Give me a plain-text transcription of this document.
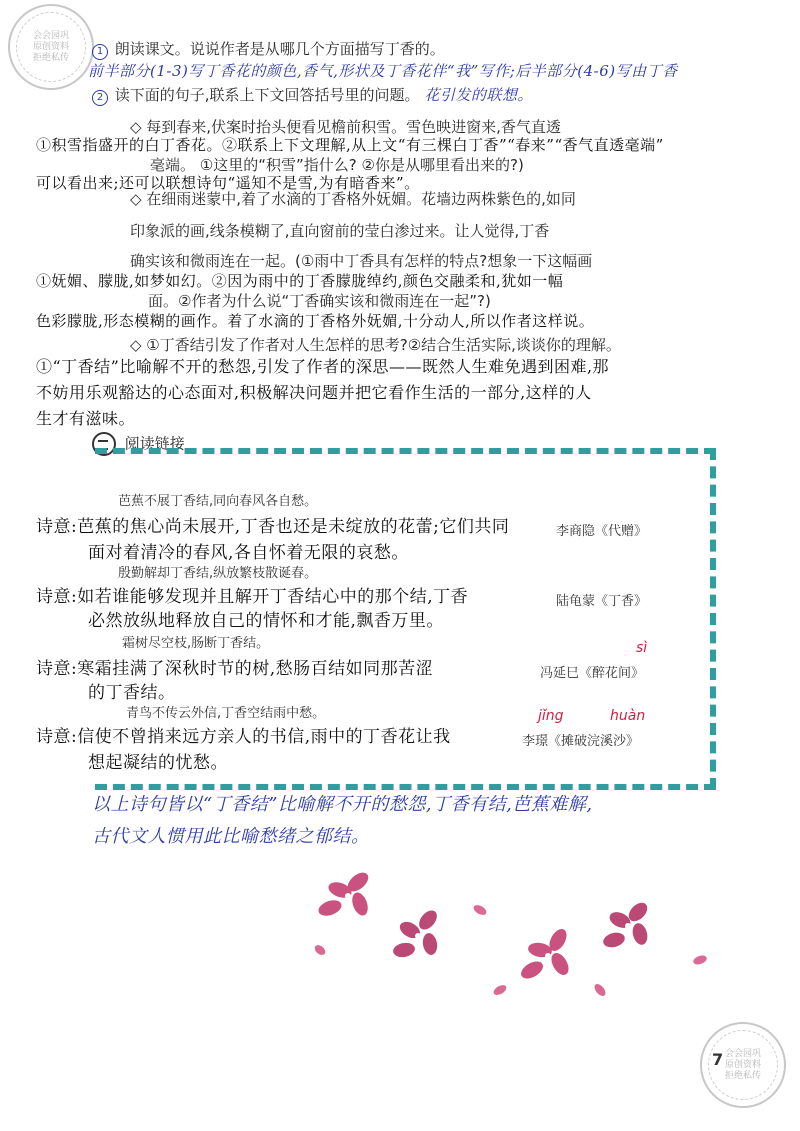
会会园巩
原创资料
拒绝私传
1 朗读课文。说说作者是从哪几个方面描写丁香的。
前半部分(1-3)写丁香花的颜色,香气,形状及丁香花伴“我”写作;后半部分(4-6)写由丁香
2 读下面的句子,联系上下文回答括号里的问题。 花引发的联想。
◇ 每到春来,伏案时抬头便看见檐前积雪。雪色映进窗来,香气直透
①积雪指盛开的白丁香花。②联系上下文理解,从上文“有三棵白丁香”“春来”“香气直透毫端”
毫端。 ①这里的“积雪”指什么? ②你是从哪里看出来的?)
可以看出来;还可以联想诗句“遥知不是雪,为有暗香来”。
◇ 在细雨迷蒙中,着了水滴的丁香格外妩媚。花墙边两株紫色的,如同
印象派的画,线条模糊了,直向窗前的莹白渗过来。让人觉得,丁香
确实该和微雨连在一起。(①雨中丁香具有怎样的特点?想象一下这幅画
①妩媚、朦胧,如梦如幻。②因为雨中的丁香朦胧绰约,颜色交融柔和,犹如一幅
面。②作者为什么说“丁香确实该和微雨连在一起”?)
色彩朦胧,形态模糊的画作。着了水滴的丁香格外妩媚,十分动人,所以作者这样说。
◇ ①丁香结引发了作者对人生怎样的思考?②结合生活实际,谈谈你的理解。
①“丁香结”比喻解不开的愁怨,引发了作者的深思——既然人生难免遇到困难,那
不妨用乐观豁达的心态面对,积极解决问题并把它看作生活的一部分,这样的人
生才有滋味。
阅读链接
芭蕉不展丁香结,同向春风各自愁。
诗意:芭蕉的焦心尚未展开,丁香也还是未绽放的花蕾;它们共同	李商隐《代赠》
面对着清冷的春风,各自怀着无限的哀愁。
殷勤解却丁香结,纵放繁枝散诞春。
诗意:如若谁能够发现并且解开丁香结心中的那个结,丁香	陆龟蒙《丁香》
必然放纵地释放自己的情怀和才能,飘香万里。
霜树尽空枝,肠断丁香结。	sì
诗意:寒霜挂满了深秋时节的树,愁肠百结如同那苦涩	冯延巳《醉花间》
的丁香结。
青鸟不传云外信,丁香空结雨中愁。	jǐng	huàn
诗意:信使不曾捎来远方亲人的书信,雨中的丁香花让我	李璟《摊破浣溪沙》
想起凝结的忧愁。
以上诗句皆以“丁香结”比喻解不开的愁怨,丁香有结,芭蕉难解,
古代文人惯用此比喻愁绪之郁结。
会会园巩
原创资料
拒绝私传
7
